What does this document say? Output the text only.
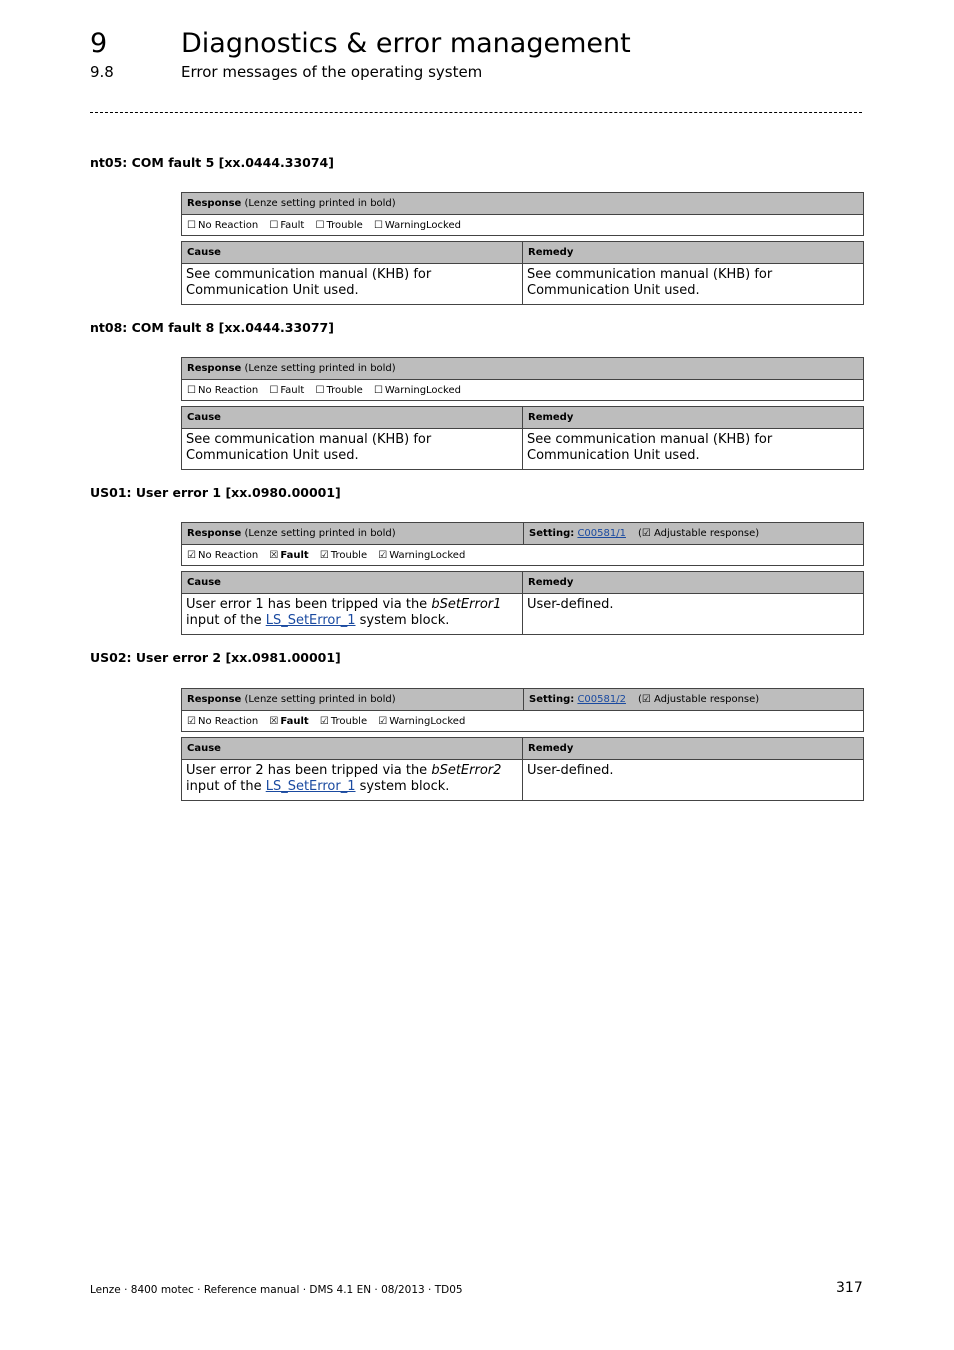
9	Diagnostics & error management
9.8	Error messages of the operating system
nt05: COM fault 5 [xx.0444.33074]
Response (Lenze setting printed in bold)
☐ No Reaction ☐ Fault ☐ Trouble ☐ WarningLocked
Cause	Remedy
See communication manual (KHB) for Communication Unit used.	See communication manual (KHB) for Communication Unit used.
nt08: COM fault 8 [xx.0444.33077]
Response (Lenze setting printed in bold)
☐ No Reaction ☐ Fault ☐ Trouble ☐ WarningLocked
Cause	Remedy
See communication manual (KHB) for Communication Unit used.	See communication manual (KHB) for Communication Unit used.
US01: User error 1 [xx.0980.00001]
Response (Lenze setting printed in bold)	Setting: C00581/1 (☑ Adjustable response)
☑ No Reaction ☒ Fault ☑ Trouble ☑ WarningLocked
Cause	Remedy
User error 1 has been tripped via the bSetError1 input of the LS_SetError_1 system block.	User-defined.
US02: User error 2 [xx.0981.00001]
Response (Lenze setting printed in bold)	Setting: C00581/2 (☑ Adjustable response)
☑ No Reaction ☒ Fault ☑ Trouble ☑ WarningLocked
Cause	Remedy
User error 2 has been tripped via the bSetError2 input of the LS_SetError_1 system block.	User-defined.
Lenze · 8400 motec · Reference manual · DMS 4.1 EN · 08/2013 · TD05	317
